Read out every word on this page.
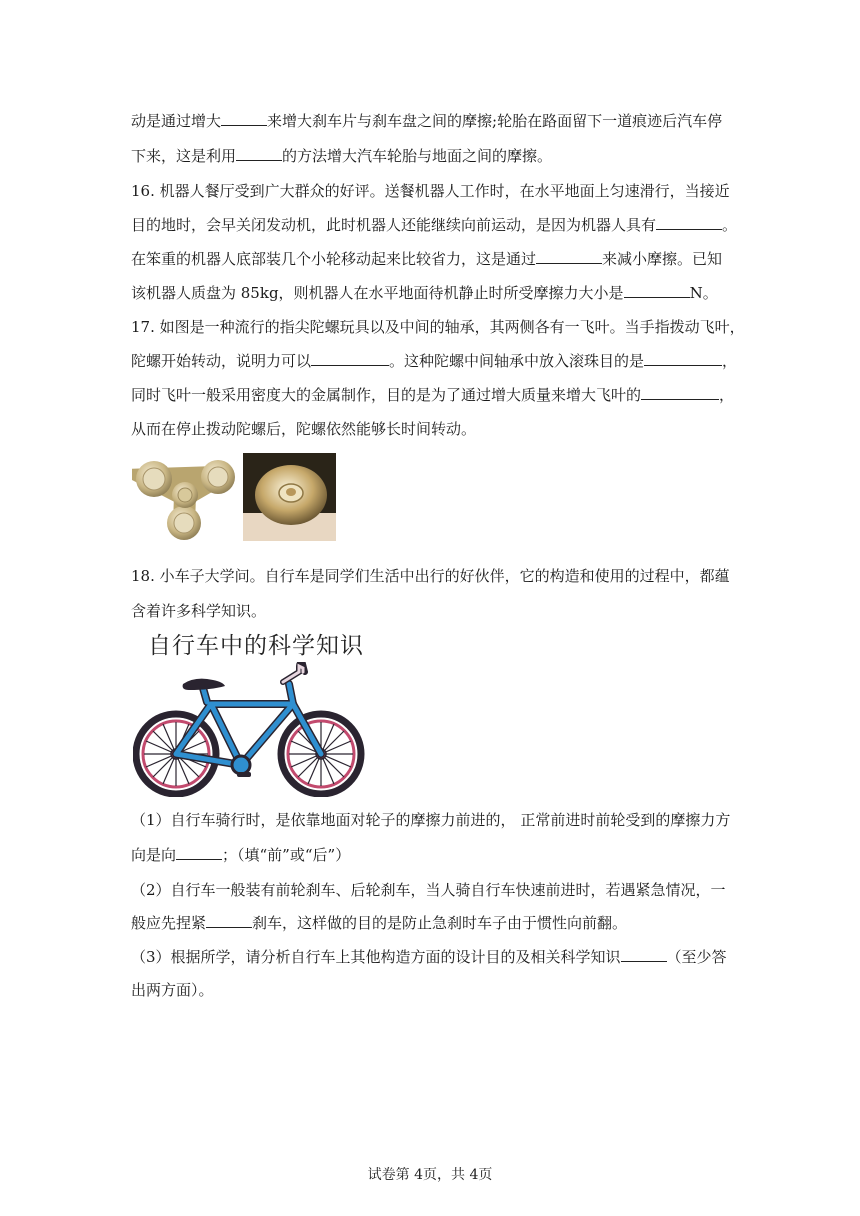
动是通过增大	来增大刹车片与刹车盘之间的摩擦;轮胎在路面留下一道痕迹后汽车停
下来，这是利用	的方法增大汽车轮胎与地面之间的摩擦。
16. 机器人餐厅受到广大群众的好评。送餐机器人工作时，在水平地面上匀速滑行，当接近
目的地时，会早关闭发动机，此时机器人还能继续向前运动，是因为机器人具有	。
在笨重的机器人底部装几个小轮移动起来比较省力，这是通过	来减小摩擦。已知
该机器人质盘为 85kg，则机器人在水平地面待机静止时所受摩擦力大小是	N。
17. 如图是一种流行的指尖陀螺玩具以及中间的轴承，其两侧各有一飞叶。当手指拨动飞叶，
陀螺开始转动，说明力可以	。这种陀螺中间轴承中放入滚珠目的是	，
同时飞叶一般采用密度大的金属制作，目的是为了通过增大质量来增大飞叶的	，
从而在停止拨动陀螺后，陀螺依然能够长时间转动。
18. 小车子大学问。自行车是同学们生活中出行的好伙伴，它的构造和使用的过程中，都蕴
含着许多科学知识。
自行车中的科学知识
（1）自行车骑行时，是依靠地面对轮子的摩擦力前进的， 正常前进时前轮受到的摩擦力方
向是向	；（填“前”或“后”）
（2）自行车一般装有前轮刹车、后轮刹车，当人骑自行车快速前进时，若遇紧急情况，一
般应先捏紧	刹车，这样做的目的是防止急刹时车子由于惯性向前翻。
（3）根据所学，请分析自行车上其他构造方面的设计目的及相关科学知识	（至少答
出两方面）。
试卷第 4页，共 4页
